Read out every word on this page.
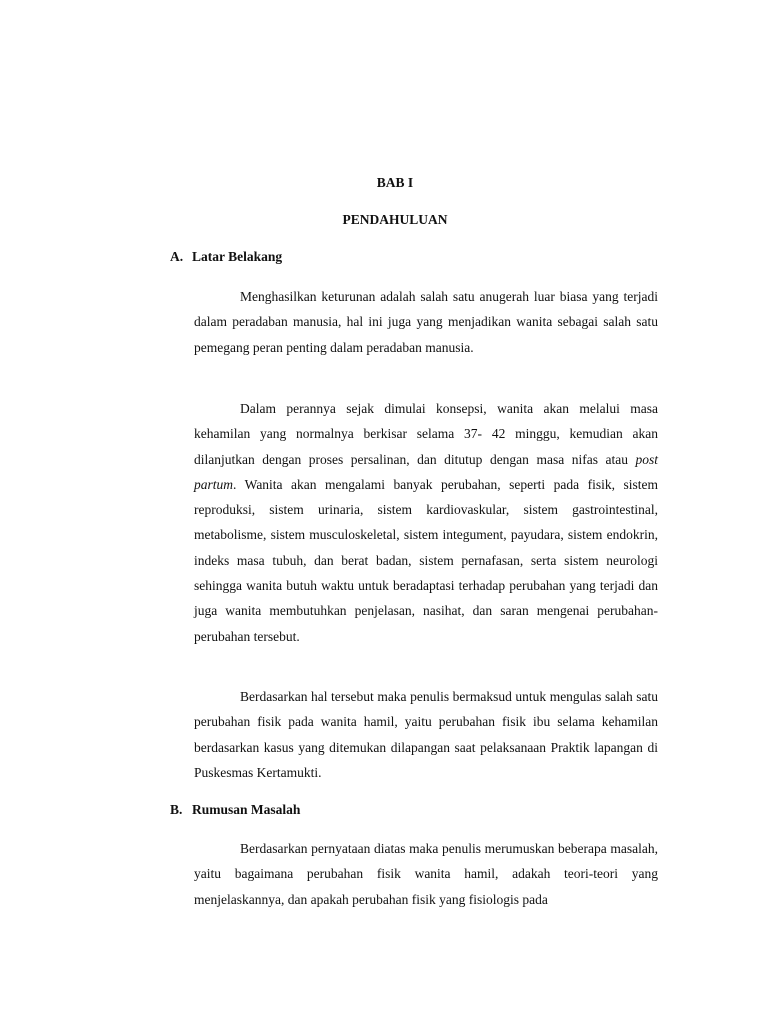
BAB I
PENDAHULUAN
A. Latar Belakang

Menghasilkan keturunan adalah salah satu anugerah luar biasa yang terjadi dalam peradaban manusia, hal ini juga yang menjadikan wanita sebagai salah satu pemegang peran penting dalam peradaban manusia.

Dalam perannya sejak dimulai konsepsi, wanita akan melalui masa kehamilan yang normalnya berkisar selama 37- 42 minggu, kemudian akan dilanjutkan dengan proses persalinan, dan ditutup dengan masa nifas atau post partum. Wanita akan mengalami banyak perubahan, seperti pada fisik, sistem reproduksi, sistem urinaria, sistem kardiovaskular, sistem gastrointestinal, metabolisme, sistem musculoskeletal, sistem integument, payudara, sistem endokrin, indeks masa tubuh, dan berat badan, sistem pernafasan, serta sistem neurologi sehingga wanita butuh waktu untuk beradaptasi terhadap perubahan yang terjadi dan juga wanita membutuhkan penjelasan, nasihat, dan saran mengenai perubahan-perubahan tersebut.

Berdasarkan hal tersebut maka penulis bermaksud untuk mengulas salah satu perubahan fisik pada wanita hamil, yaitu perubahan fisik ibu selama kehamilan berdasarkan kasus yang ditemukan dilapangan saat pelaksanaan Praktik lapangan di Puskesmas Kertamukti.

B. Rumusan Masalah

Berdasarkan pernyataan diatas maka penulis merumuskan beberapa masalah, yaitu bagaimana perubahan fisik wanita hamil, adakah teori-teori yang menjelaskannya, dan apakah perubahan fisik yang fisiologis pada
